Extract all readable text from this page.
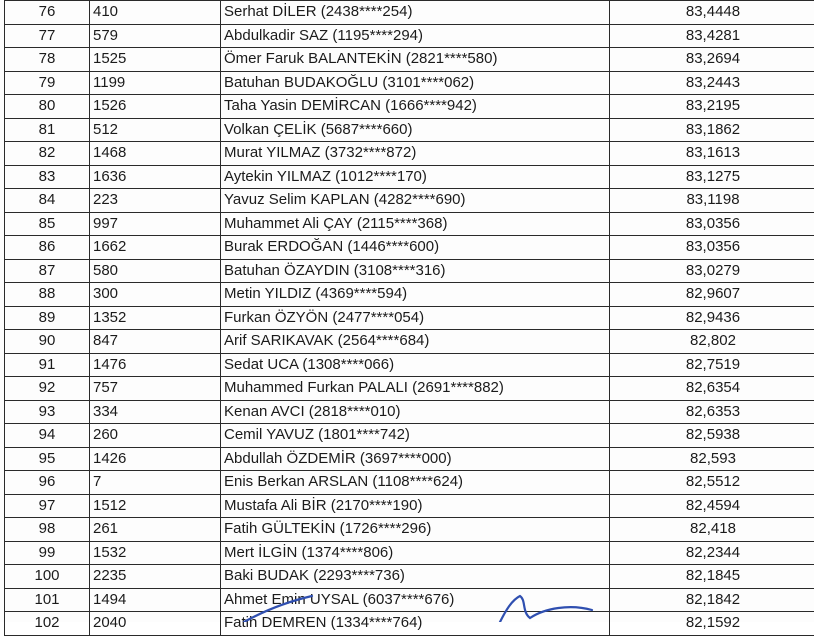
76	410	Serhat DİLER (2438****254)	83,4448
77	579	Abdulkadir SAZ (1195****294)	83,4281
78	1525	Ömer Faruk BALANTEKİN (2821****580)	83,2694
79	1199	Batuhan BUDAKOĞLU (3101****062)	83,2443
80	1526	Taha Yasin DEMİRCAN (1666****942)	83,2195
81	512	Volkan ÇELİK (5687****660)	83,1862
82	1468	Murat YILMAZ (3732****872)	83,1613
83	1636	Aytekin YILMAZ (1012****170)	83,1275
84	223	Yavuz Selim KAPLAN (4282****690)	83,1198
85	997	Muhammet Ali ÇAY (2115****368)	83,0356
86	1662	Burak ERDOĞAN (1446****600)	83,0356
87	580	Batuhan ÖZAYDIN (3108****316)	83,0279
88	300	Metin YILDIZ (4369****594)	82,9607
89	1352	Furkan ÖZYÖN (2477****054)	82,9436
90	847	Arif SARIKAVAK (2564****684)	82,802
91	1476	Sedat UCA (1308****066)	82,7519
92	757	Muhammed Furkan PALALI (2691****882)	82,6354
93	334	Kenan AVCI (2818****010)	82,6353
94	260	Cemil YAVUZ (1801****742)	82,5938
95	1426	Abdullah ÖZDEMİR (3697****000)	82,593
96	7	Enis Berkan ARSLAN (1108****624)	82,5512
97	1512	Mustafa Ali BİR (2170****190)	82,4594
98	261	Fatih GÜLTEKİN (1726****296)	82,418
99	1532	Mert İLGİN (1374****806)	82,2344
100	2235	Baki BUDAK (2293****736)	82,1845
101	1494	Ahmet Emin UYSAL (6037****676)	82,1842
102	2040	Fatih DEMREN (1334****764)	82,1592
